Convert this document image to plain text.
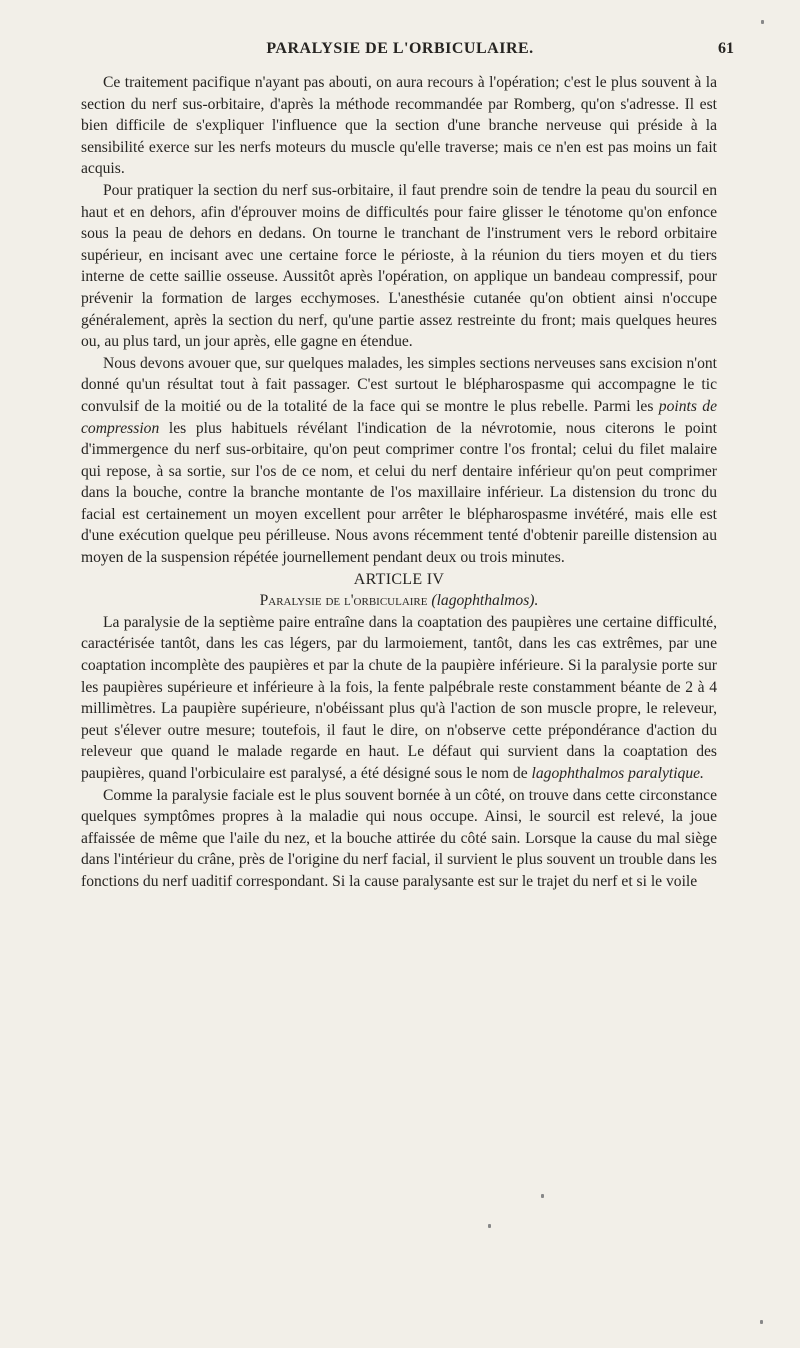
PARALYSIE DE L'ORBICULAIRE.	61

Ce traitement pacifique n'ayant pas abouti, on aura recours à l'opération; c'est le plus souvent à la section du nerf sus-orbitaire, d'après la méthode recommandée par Romberg, qu'on s'adresse. Il est bien difficile de s'expliquer l'influence que la section d'une branche nerveuse qui préside à la sensibilité exerce sur les nerfs moteurs du muscle qu'elle traverse; mais ce n'en est pas moins un fait acquis.

Pour pratiquer la section du nerf sus-orbitaire, il faut prendre soin de tendre la peau du sourcil en haut et en dehors, afin d'éprouver moins de difficultés pour faire glisser le ténotome qu'on enfonce sous la peau de dehors en dedans. On tourne le tranchant de l'instrument vers le rebord orbitaire supérieur, en incisant avec une certaine force le périoste, à la réunion du tiers moyen et du tiers interne de cette saillie osseuse. Aussitôt après l'opération, on applique un bandeau compressif, pour prévenir la formation de larges ecchymoses. L'anesthésie cutanée qu'on obtient ainsi n'occupe généralement, après la section du nerf, qu'une partie assez restreinte du front; mais quelques heures ou, au plus tard, un jour après, elle gagne en étendue.

Nous devons avouer que, sur quelques malades, les simples sections nerveuses sans excision n'ont donné qu'un résultat tout à fait passager. C'est surtout le blépharospasme qui accompagne le tic convulsif de la moitié ou de la totalité de la face qui se montre le plus rebelle. Parmi les points de compression les plus habituels révélant l'indication de la névrotomie, nous citerons le point d'immergence du nerf sus-orbitaire, qu'on peut comprimer contre l'os frontal; celui du filet malaire qui repose, à sa sortie, sur l'os de ce nom, et celui du nerf dentaire inférieur qu'on peut comprimer dans la bouche, contre la branche montante de l'os maxillaire inférieur. La distension du tronc du facial est certainement un moyen excellent pour arrêter le blépharospasme invétéré, mais elle est d'une exécution quelque peu périlleuse. Nous avons récemment tenté d'obtenir pareille distension au moyen de la suspension répétée journellement pendant deux ou trois minutes.

ARTICLE IV

Paralysie de l'orbiculaire (lagophthalmos).

La paralysie de la septième paire entraîne dans la coaptation des paupières une certaine difficulté, caractérisée tantôt, dans les cas légers, par du larmoiement, tantôt, dans les cas extrêmes, par une coaptation incomplète des paupières et par la chute de la paupière inférieure. Si la paralysie porte sur les paupières supérieure et inférieure à la fois, la fente palpébrale reste constamment béante de 2 à 4 millimètres. La paupière supérieure, n'obéissant plus qu'à l'action de son muscle propre, le releveur, peut s'élever outre mesure; toutefois, il faut le dire, on n'observe cette prépondérance d'action du releveur que quand le malade regarde en haut. Le défaut qui survient dans la coaptation des paupières, quand l'orbiculaire est paralysé, a été désigné sous le nom de lagophthalmos paralytique.

Comme la paralysie faciale est le plus souvent bornée à un côté, on trouve dans cette circonstance quelques symptômes propres à la maladie qui nous occupe. Ainsi, le sourcil est relevé, la joue affaissée de même que l'aile du nez, et la bouche attirée du côté sain. Lorsque la cause du mal siège dans l'intérieur du crâne, près de l'origine du nerf facial, il survient le plus souvent un trouble dans les fonctions du nerf uaditif correspondant. Si la cause paralysante est sur le trajet du nerf et si le voile
